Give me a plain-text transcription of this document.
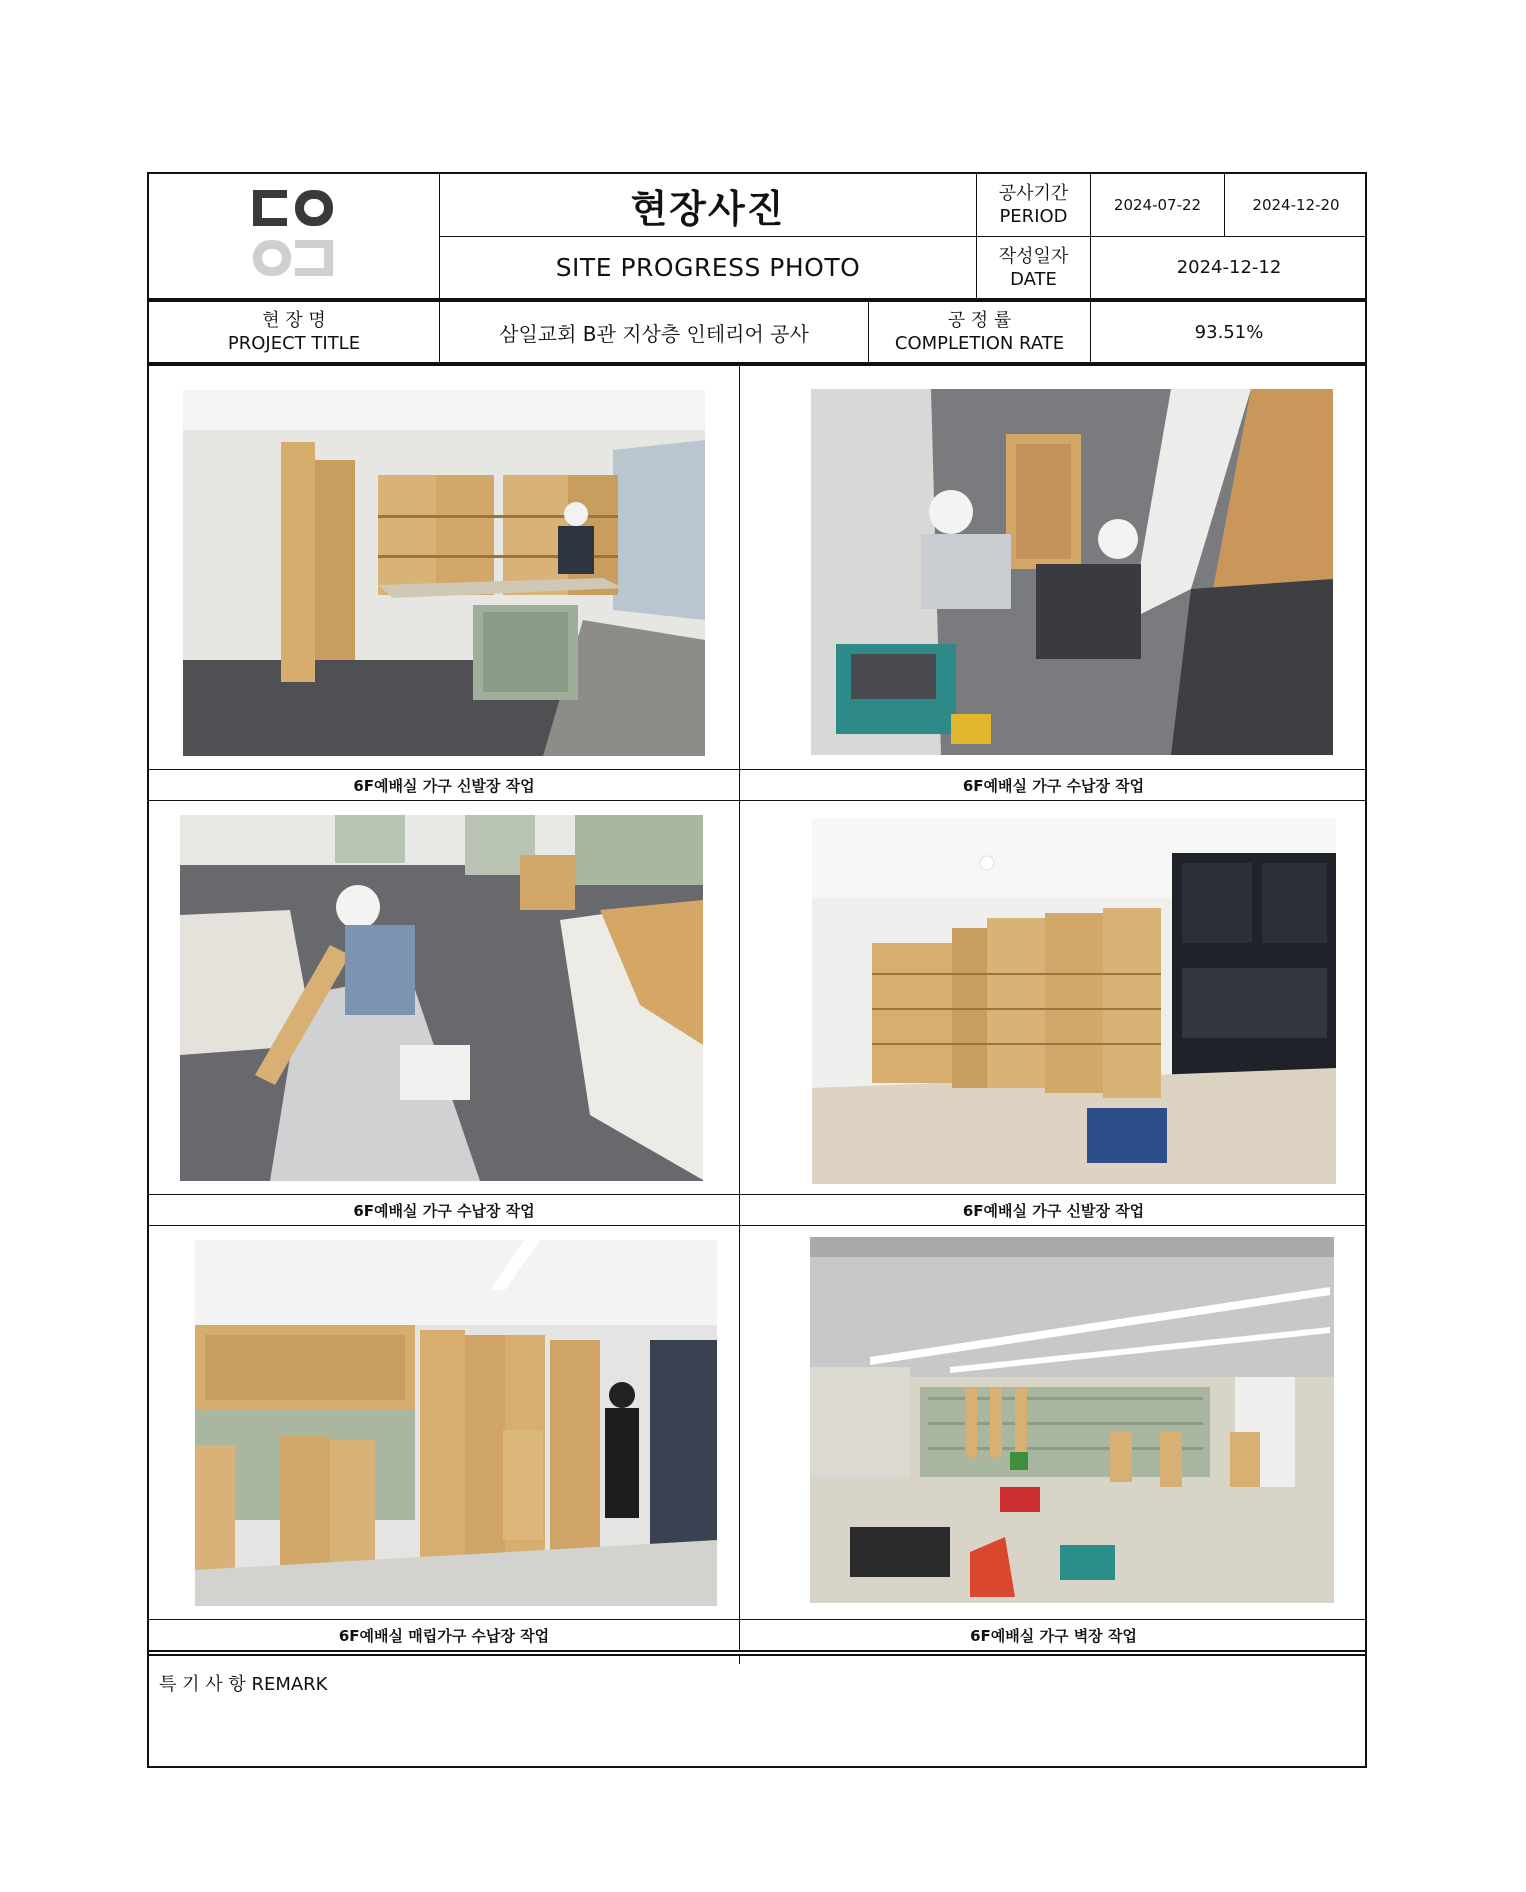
현장사진
SITE PROGRESS PHOTO
공사기간
PERIOD
2024-07-22	2024-12-20
작성일자
DATE
2024-12-12
현 장 명
PROJECT TITLE	삼일교회 B관 지상층 인테리어 공사
공 정 률
COMPLETION RATE
93.51%
6F예배실 가구 신발장 작업	6F예배실 가구 수납장 작업
6F예배실 가구 수납장 작업	6F예배실 가구 신발장 작업
6F예배실 매립가구 수납장 작업	6F예배실 가구 벽장 작업
특 기 사 항 REMARK
